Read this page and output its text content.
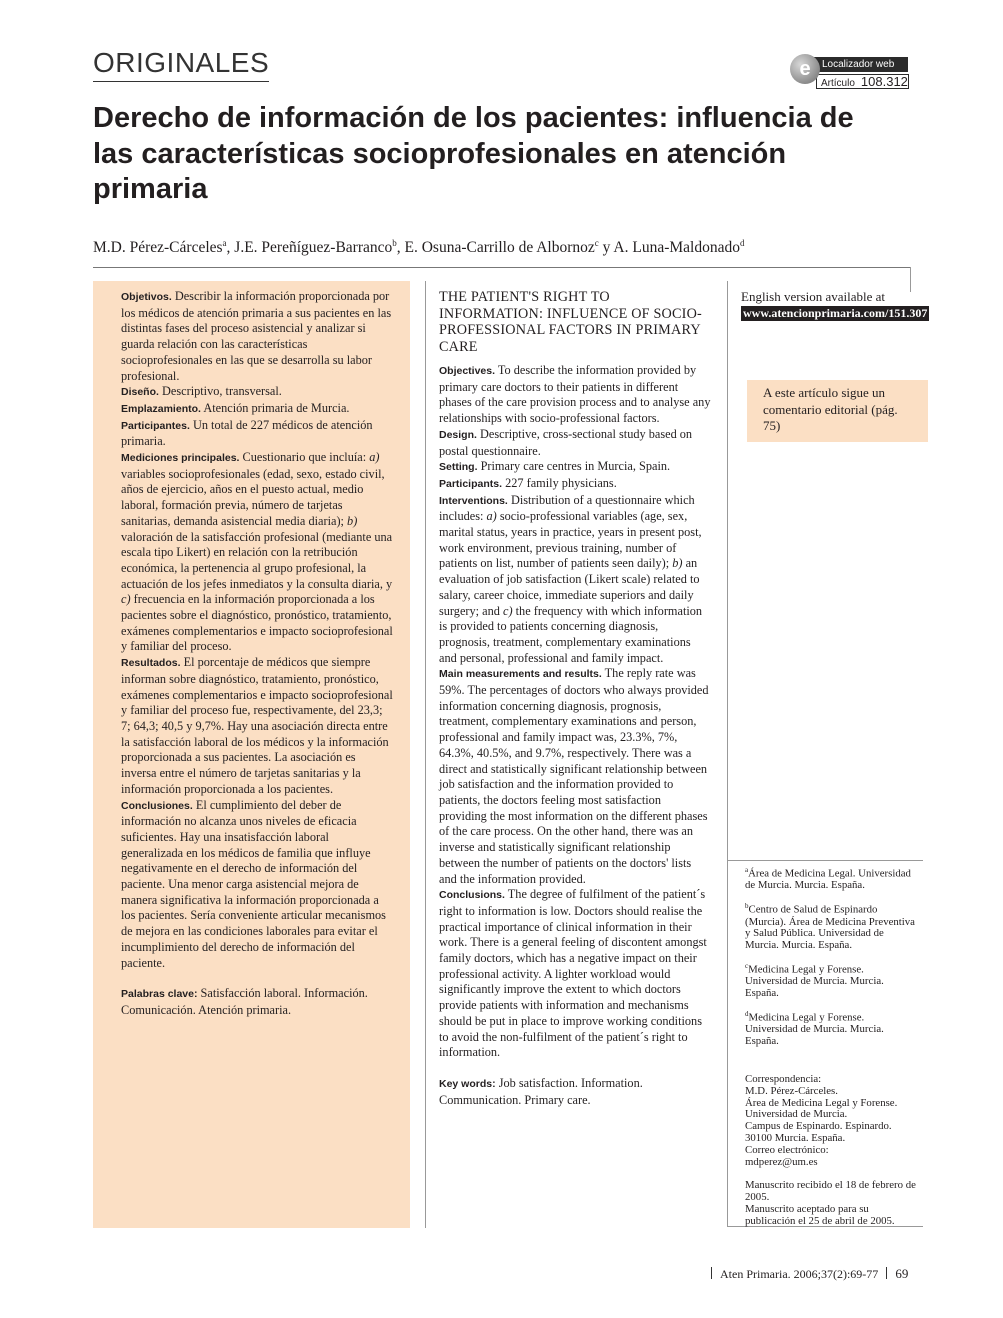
ORIGINALES	Localizador web
Artículo 108.312
e
Derecho de información de los pacientes: influencia de las características socioprofesionales en atención primaria
M.D. Pérez-Cárceles$^a$, J.E. Pereñíguez-Barranco$^b$, E. Osuna-Carrillo de Albornoz$^c$ y A. Luna-Maldonado$^d$

Objetivos. Describir la información proporcionada por los médicos de atención primaria a sus pacientes en las distintas fases del proceso asistencial y analizar si guarda relación con las características socioprofesionales en las que se desarrolla su labor profesional.

Diseño. Descriptivo, transversal.

Emplazamiento. Atención primaria de Murcia.

Participantes. Un total de 227 médicos de atención primaria.

Mediciones principales. Cuestionario que incluía: a) variables socioprofesionales (edad, sexo, estado civil, años de ejercicio, años en el puesto actual, medio laboral, formación previa, número de tarjetas sanitarias, demanda asistencial media diaria); b) valoración de la satisfacción profesional (mediante una escala tipo Likert) en relación con la retribución económica, la pertenencia al grupo profesional, la actuación de los jefes inmediatos y la consulta diaria, y c) frecuencia en la información proporcionada a los pacientes sobre el diagnóstico, pronóstico, tratamiento, exámenes complementarios e impacto socioprofesional y familiar del proceso.

Resultados. El porcentaje de médicos que siempre informan sobre diagnóstico, tratamiento, pronóstico, exámenes complementarios e impacto socioprofesional y familiar del proceso fue, respectivamente, del 23,3; 7; 64,3; 40,5 y 9,7%. Hay una asociación directa entre la satisfacción laboral de los médicos y la información proporcionada a sus pacientes. La asociación es inversa entre el número de tarjetas sanitarias y la información proporcionada a los pacientes.

Conclusiones. El cumplimiento del deber de información no alcanza unos niveles de eficacia suficientes. Hay una insatisfacción laboral generalizada en los médicos de familia que influye negativamente en el derecho de información del paciente. Una menor carga asistencial mejora de manera significativa la información proporcionada a los pacientes. Sería conveniente articular mecanismos de mejora en las condiciones laborales para evitar el incumplimiento del derecho de información del paciente.

Palabras clave: Satisfacción laboral. Información. Comunicación. Atención primaria.

THE PATIENT'S RIGHT TO INFORMATION: INFLUENCE OF SOCIO-PROFESSIONAL FACTORS IN PRIMARY CARE

Objectives. To describe the information provided by primary care doctors to their patients in different phases of the care provision process and to analyse any relationships with socio-professional factors.

Design. Descriptive, cross-sectional study based on postal questionnaire.

Setting. Primary care centres in Murcia, Spain.

Participants. 227 family physicians.

Interventions. Distribution of a questionnaire which includes: a) socio-professional variables (age, sex, marital status, years in practice, years in present post, work environment, previous training, number of patients on list, number of patients seen daily); b) an evaluation of job satisfaction (Likert scale) related to salary, career choice, immediate superiors and daily surgery; and c) the frequency with which information is provided to patients concerning diagnosis, prognosis, treatment, complementary examinations and personal, professional and family impact.

Main measurements and results. The reply rate was 59%. The percentages of doctors who always provided information concerning diagnosis, prognosis, treatment, complementary examinations and person, professional and family impact was, 23.3%, 7%, 64.3%, 40.5%, and 9.7%, respectively. There was a direct and statistically significant relationship between job satisfaction and the information provided to patients, the doctors feeling most satisfaction providing the most information on the different phases of the care process. On the other hand, there was an inverse and statistically significant relationship between the number of patients on the doctors' lists and the information provided.

Conclusions. The degree of fulfilment of the patient´s right to information is low. Doctors should realise the practical importance of clinical information in their work. There is a general feeling of discontent amongst family doctors, which has a negative impact on their professional activity. A lighter workload would significantly improve the extent to which doctors provide patients with information and mechanisms should be put in place to improve working conditions to avoid the non-fulfilment of the patient´s right to information.

Key words: Job satisfaction. Information. Communication. Primary care.

English version available at
www.atencionprimaria.com/151.307
A este artículo sigue un comentario editorial (pág. 75)

$^a$Área de Medicina Legal. Universidad de Murcia. Murcia. España.

$^b$Centro de Salud de Espinardo (Murcia). Área de Medicina Preventiva y Salud Pública. Universidad de Murcia. Murcia. España.

$^c$Medicina Legal y Forense. Universidad de Murcia. Murcia. España.

$^d$Medicina Legal y Forense. Universidad de Murcia. Murcia. España.

Correspondencia:
M.D. Pérez-Cárceles.
Área de Medicina Legal y Forense.
Universidad de Murcia.
Campus de Espinardo. Espinardo.
30100 Murcia. España.
Correo electrónico:
mdperez@um.es
Manuscrito recibido el 18 de febrero de 2005.
Manuscrito aceptado para su publicación el 25 de abril de 2005.
Aten Primaria. 2006;37(2):69-77 69
